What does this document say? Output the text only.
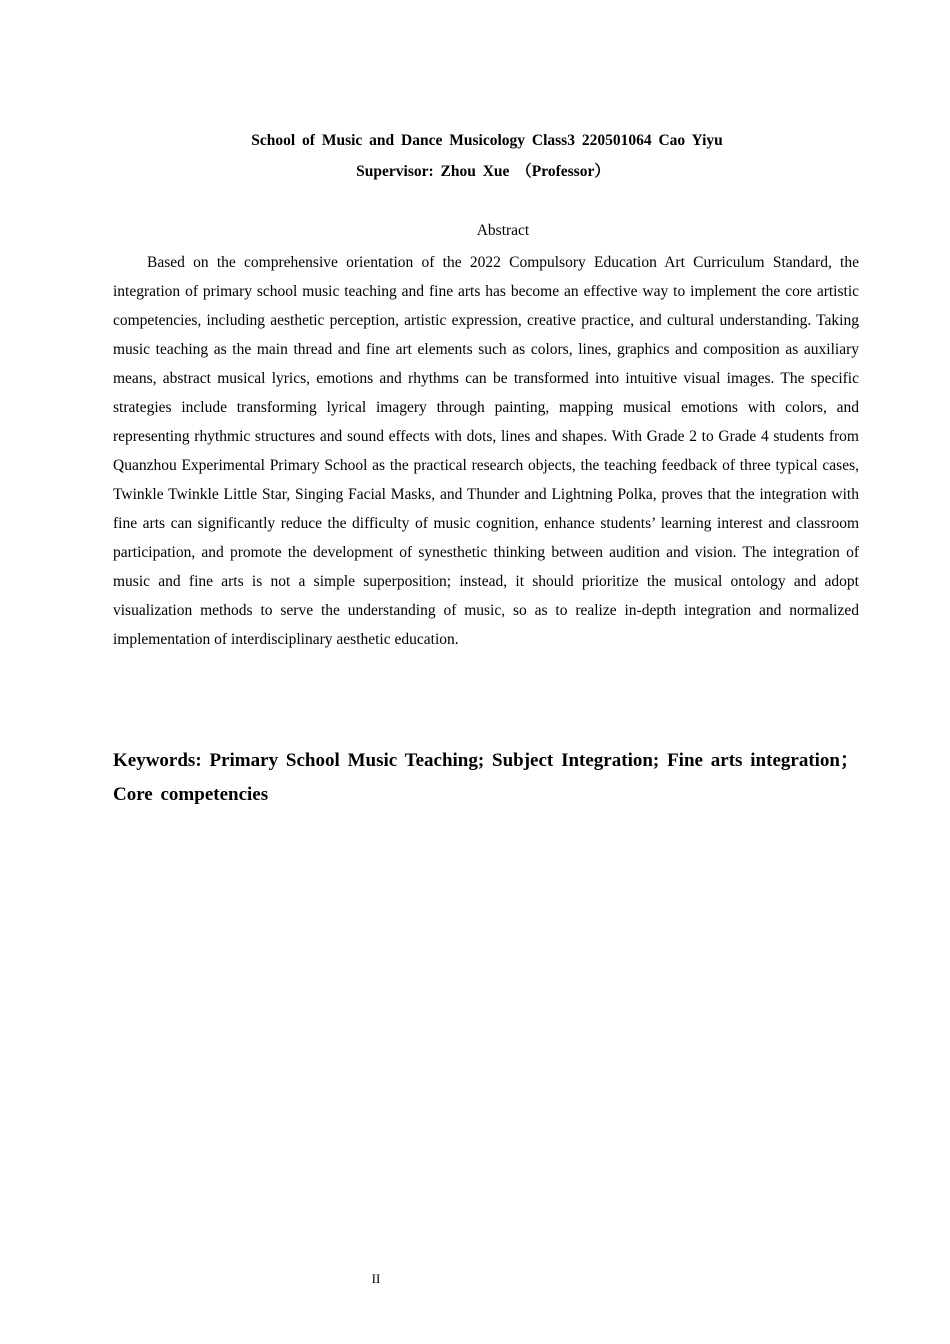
School of Music and Dance Musicology Class3 220501064 Cao Yiyu
Supervisor: Zhou Xue （Professor）
Abstract

Based on the comprehensive orientation of the 2022 Compulsory Education Art Curriculum Standard, the integration of primary school music teaching and fine arts has become an effective way to implement the core artistic competencies, including aesthetic perception, artistic expression, creative practice, and cultural understanding. Taking music teaching as the main thread and fine art elements such as colors, lines, graphics and composition as auxiliary means, abstract musical lyrics, emotions and rhythms can be transformed into intuitive visual images. The specific strategies include transforming lyrical imagery through painting, mapping musical emotions with colors, and representing rhythmic structures and sound effects with dots, lines and shapes. With Grade 2 to Grade 4 students from Quanzhou Experimental Primary School as the practical research objects, the teaching feedback of three typical cases, Twinkle Twinkle Little Star, Singing Facial Masks, and Thunder and Lightning Polka, proves that the integration with fine arts can significantly reduce the difficulty of music cognition, enhance students’ learning interest and classroom participation, and promote the development of synesthetic thinking between audition and vision. The integration of music and fine arts is not a simple superposition; instead, it should prioritize the musical ontology and adopt visualization methods to serve the understanding of music, so as to realize in-depth integration and normalized implementation of interdisciplinary aesthetic education.

Keywords: Primary School Music Teaching; Subject Integration; Fine arts integration；Core competencies

II
